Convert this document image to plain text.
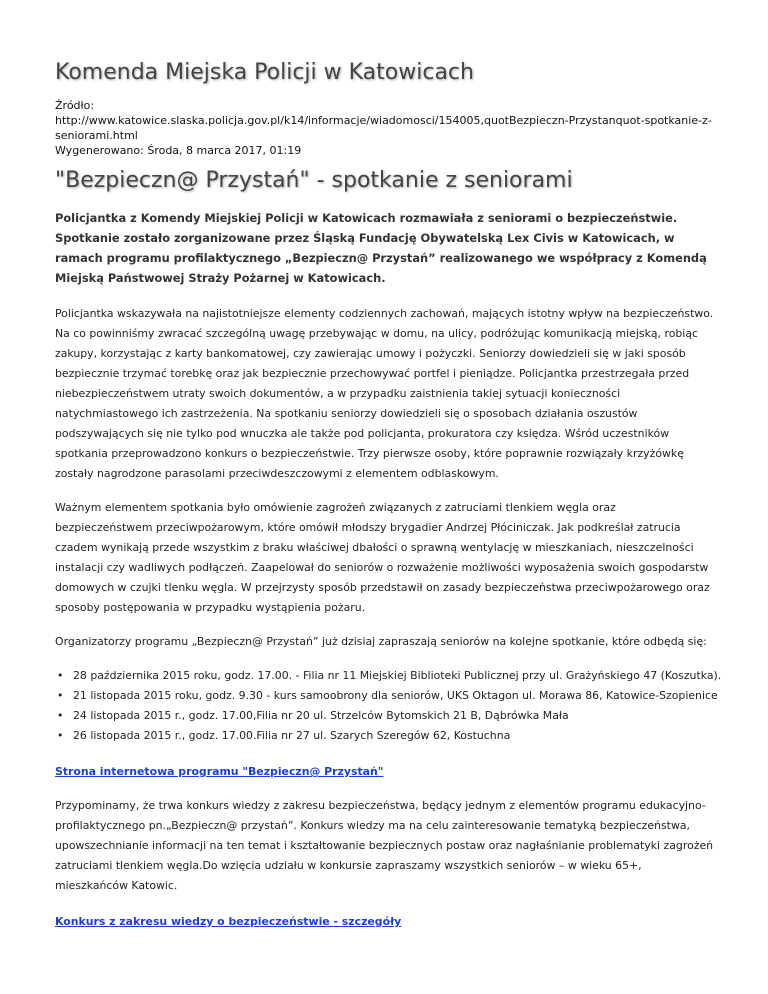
Komenda Miejska Policji w Katowicach
Źródło:
http://www.katowice.slaska.policja.gov.pl/k14/informacje/wiadomosci/154005,quotBezpieczn-Przystanquot-spotkanie-z-seniorami.html
Wygenerowano: Środa, 8 marca 2017, 01:19
"Bezpieczn@ Przystań" - spotkanie z seniorami

Policjantka z Komendy Miejskiej Policji w Katowicach rozmawiała z seniorami o bezpieczeństwie. Spotkanie zostało zorganizowane przez Śląską Fundację Obywatelską Lex Civis w Katowicach, w ramach programu profilaktycznego „Bezpieczn@ Przystań” realizowanego we współpracy z Komendą Miejską Państwowej Straży Pożarnej w Katowicach.

Policjantka wskazywała na najistotniejsze elementy codziennych zachowań, mających istotny wpływ na bezpieczeństwo. Na co powinniśmy zwracać szczególną uwagę przebywając w domu, na ulicy, podróżując komunikacją miejską, robiąc zakupy, korzystając z karty bankomatowej, czy zawierając umowy i pożyczki. Seniorzy dowiedzieli się w jaki sposób bezpiecznie trzymać torebkę oraz jak bezpiecznie przechowywać portfel i pieniądze. Policjantka przestrzegała przed niebezpieczeństwem utraty swoich dokumentów, a w przypadku zaistnienia takiej sytuacji konieczności natychmiastowego ich zastrzeżenia. Na spotkaniu seniorzy dowiedzieli się o sposobach działania oszustów podszywających się nie tylko pod wnuczka ale także pod policjanta, prokuratora czy księdza. Wśród uczestników spotkania przeprowadzono konkurs o bezpieczeństwie. Trzy pierwsze osoby, które poprawnie rozwiązały krzyżówkę zostały nagrodzone parasolami przeciwdeszczowymi z elementem odblaskowym.

Ważnym elementem spotkania było omówienie zagrożeń związanych z zatruciami tlenkiem węgla oraz bezpieczeństwem przeciwpożarowym, które omówił młodszy brygadier Andrzej Płóciniczak. Jak podkreślał zatrucia czadem wynikają przede wszystkim z braku właściwej dbałości o sprawną wentylację w mieszkaniach, nieszczelności instalacji czy wadliwych podłączeń. Zaapelował do seniorów o rozważenie możliwości wyposażenia swoich gospodarstw domowych w czujki tlenku węgla. W przejrzysty sposób przedstawił on zasady bezpieczeństwa przeciwpożarowego oraz sposoby postępowania w przypadku wystąpienia pożaru.

Organizatorzy programu „Bezpieczn@ Przystań” już dzisiaj zapraszają seniorów na kolejne spotkanie, które odbędą się:

• 28 października 2015 roku, godz. 17.00. - Filia nr 11 Miejskiej Biblioteki Publicznej przy ul. Grażyńskiego 47 (Koszutka).
• 21 listopada 2015 roku, godz. 9.30 - kurs samoobrony dla seniorów, UKS Oktagon ul. Morawa 86, Katowice-Szopienice
• 24 listopada 2015 r., godz. 17.00,Filia nr 20 ul. Strzelców Bytomskich 21 B, Dąbrówka Mała
• 26 listopada 2015 r., godz. 17.00.Filia nr 27 ul. Szarych Szeregów 62, Kostuchna
Strona internetowa programu "Bezpieczn@ Przystań"

Przypominamy, że trwa konkurs wiedzy z zakresu bezpieczeństwa, będący jednym z elementów programu edukacyjno-profilaktycznego pn.„Bezpieczn@ przystań”. Konkurs wiedzy ma na celu zainteresowanie tematyką bezpieczeństwa, upowszechnianie informacji na ten temat i kształtowanie bezpiecznych postaw oraz nagłaśnianie problematyki zagrożeń zatruciami tlenkiem węgla.Do wzięcia udziału w konkursie zapraszamy wszystkich seniorów – w wieku 65+, mieszkańców Katowic.

Konkurs z zakresu wiedzy o bezpieczeństwie - szczegóły
